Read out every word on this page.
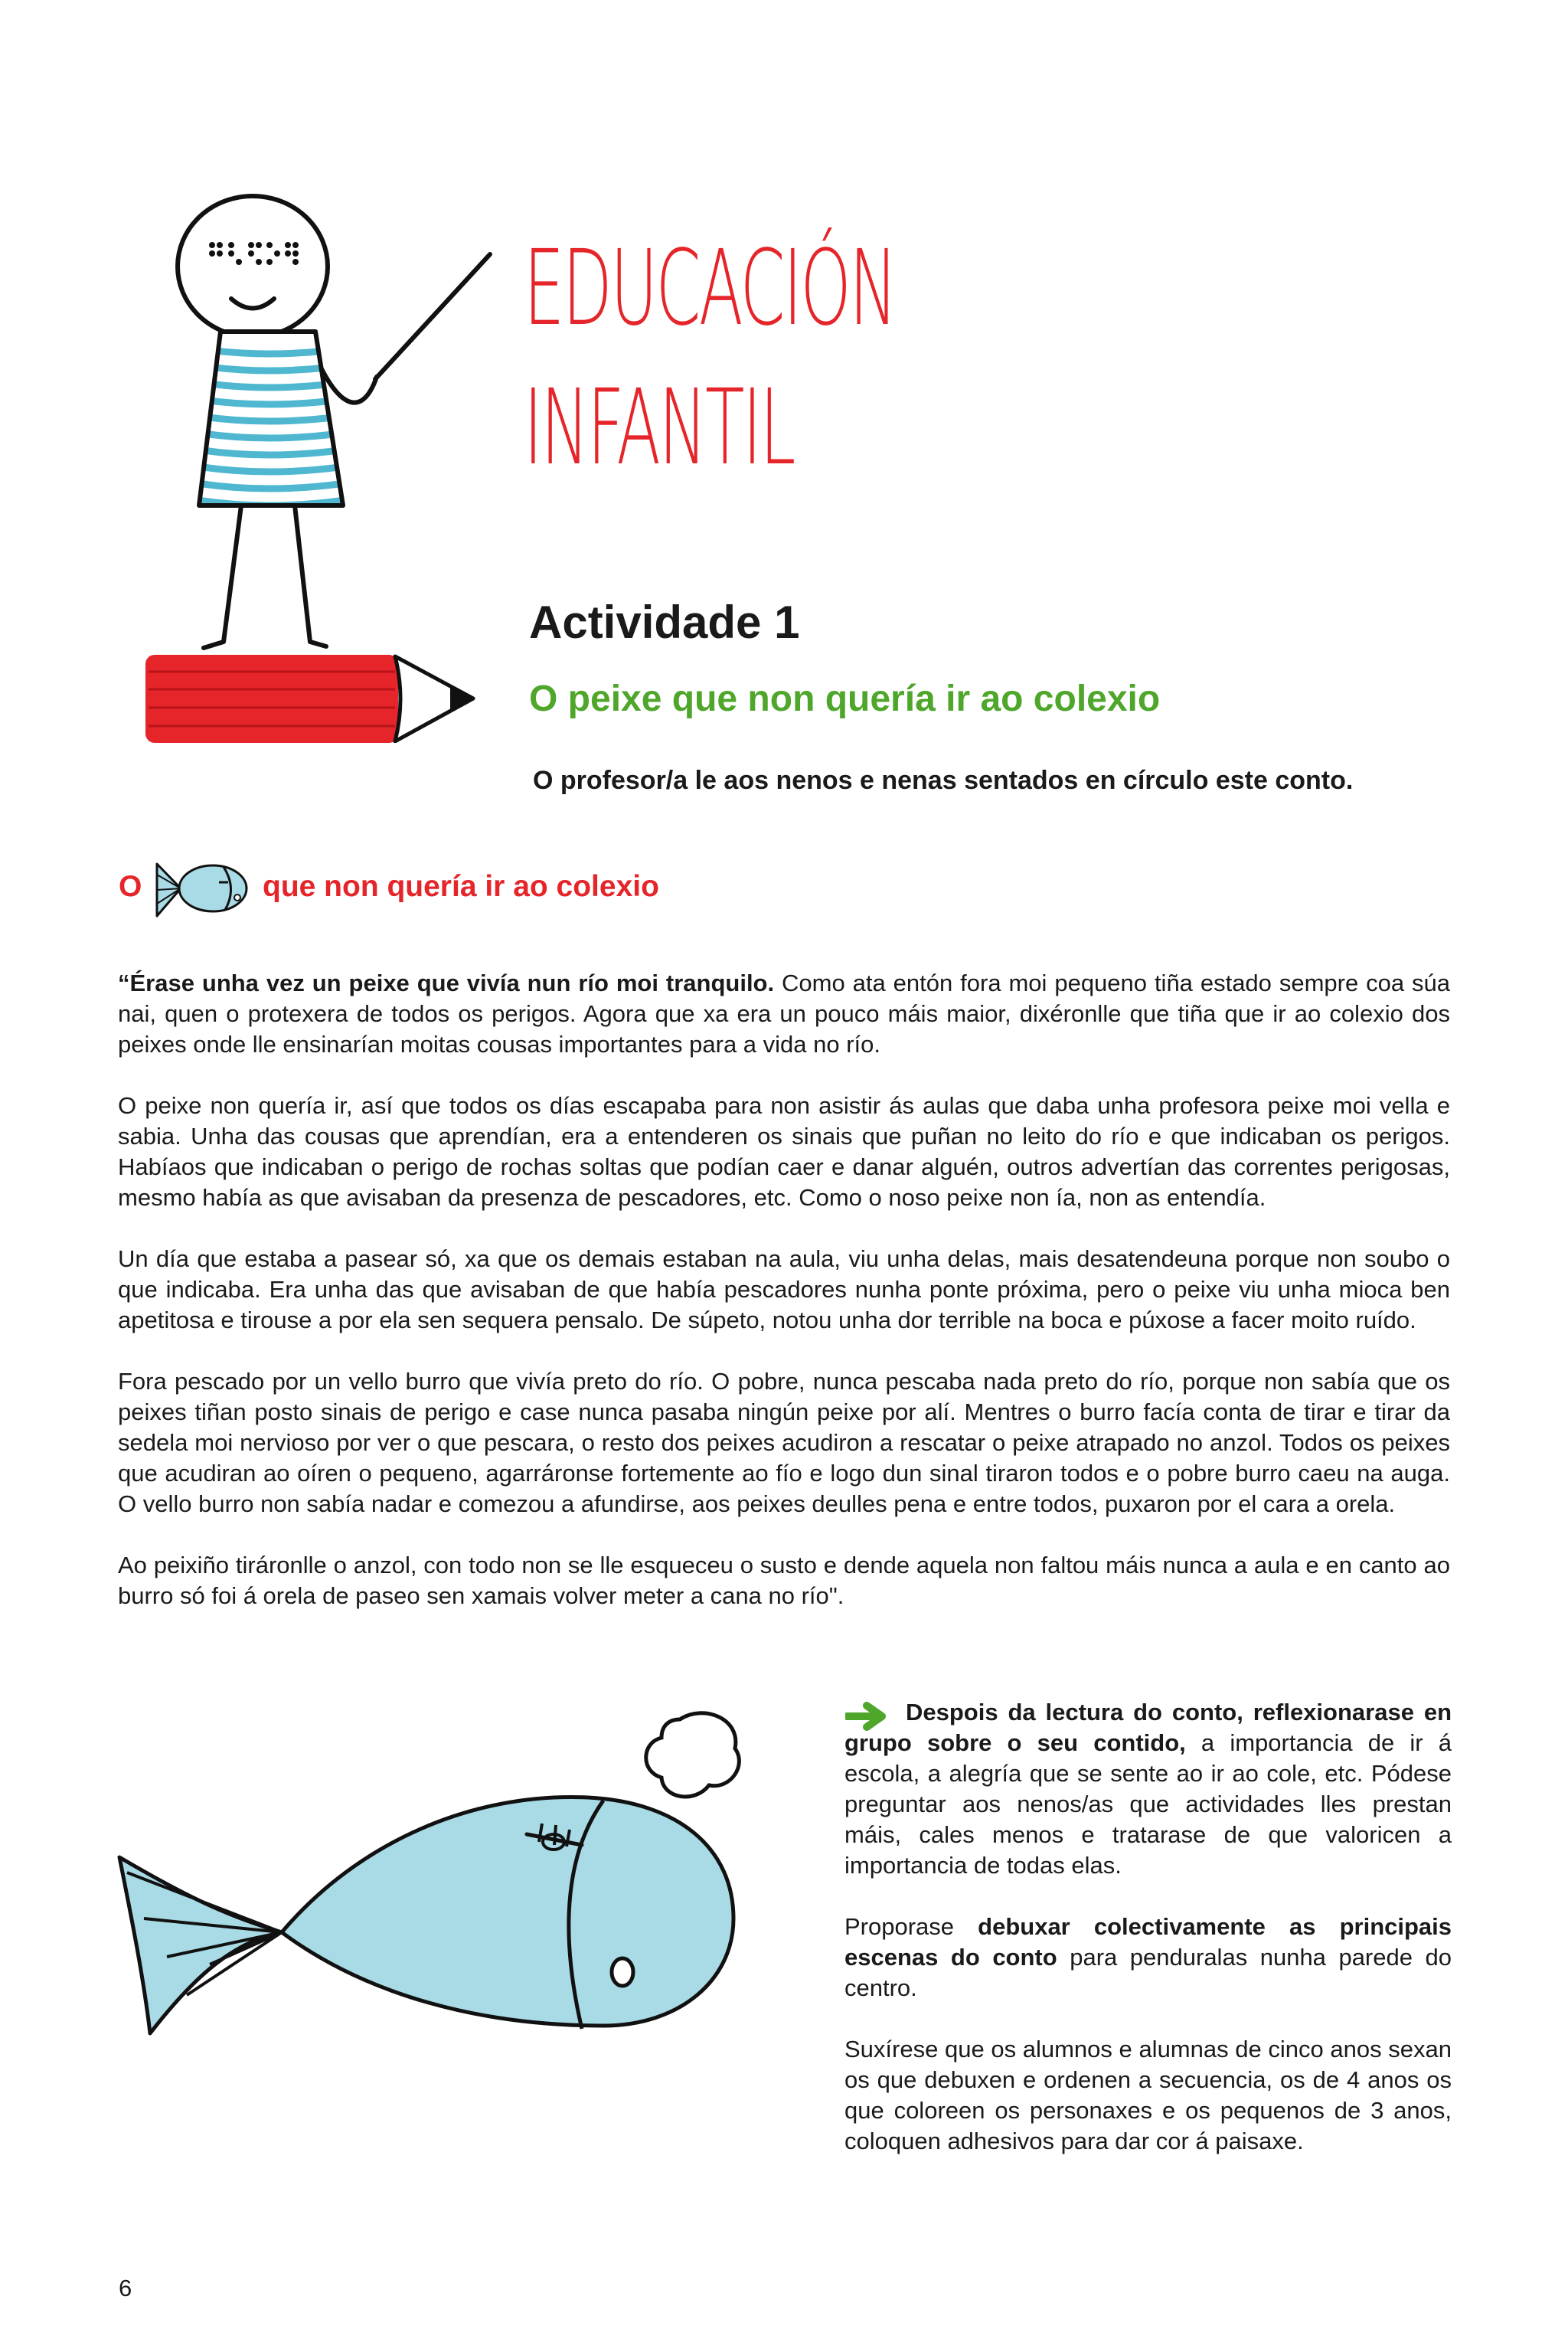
EDUCACIÓN
INFANTIL
Actividade 1
O peixe que non quería ir ao colexio
O profesor/a le aos nenos e nenas sentados en círculo este conto.
O	que non quería ir ao colexio

“Érase unha vez un peixe que vivía nun río moi tranquilo. Como ata entón fora moi pequeno tiña estado sempre coa súa nai, quen o protexera de todos os perigos. Agora que xa era un pouco máis maior, dixéronlle que tiña que ir ao colexio dos peixes onde lle ensinarían moitas cousas importantes para a vida no río.

O peixe non quería ir, así que todos os días escapaba para non asistir ás aulas que daba unha profesora peixe moi vella e sabia. Unha das cousas que aprendían, era a entenderen os sinais que puñan no leito do río e que indicaban os perigos. Habíaos que indicaban o perigo de rochas soltas que podían caer e danar alguén, outros advertían das correntes perigosas, mesmo había as que avisaban da presenza de pescadores, etc. Como o noso peixe non ía, non as entendía.

Un día que estaba a pasear só, xa que os demais estaban na aula, viu unha delas, mais desatendeuna porque non soubo o que indicaba. Era unha das que avisaban de que había pescadores nunha ponte próxima, pero o peixe viu unha mioca ben apetitosa e tirouse a por ela sen sequera pensalo. De súpeto, notou unha dor terrible na boca e púxose a facer moito ruído.

Fora pescado por un vello burro que vivía preto do río. O pobre, nunca pescaba nada preto do río, porque non sabía que os peixes tiñan posto sinais de perigo e case nunca pasaba ningún peixe por alí. Mentres o burro facía conta de tirar e tirar da sedela moi nervioso por ver o que pescara, o resto dos peixes acudiron a rescatar o peixe atrapado no anzol. Todos os peixes que acudiran ao oíren o pequeno, agarráronse fortemente ao fío e logo dun sinal tiraron todos e o pobre burro caeu na auga. O vello burro non sabía nadar e comezou a afundirse, aos peixes deulles pena e entre todos, puxaron por el cara a orela.

Ao peixiño tiráronlle o anzol, con todo non se lle esqueceu o susto e dende aquela non faltou máis nunca a aula e en canto ao burro só foi á orela de paseo sen xamais volver meter a cana no río".

Despois da lectura do conto, reflexionarase en grupo sobre o seu contido, a importancia de ir á escola, a alegría que se sente ao ir ao cole, etc. Pódese preguntar aos nenos/as que actividades lles prestan máis, cales menos e tratarase de que valoricen a importancia de todas elas.

Proporase debuxar colectivamente as principais escenas do conto para penduralas nunha parede do centro.

Suxírese que os alumnos e alumnas de cinco anos sexan os que debuxen e ordenen a secuencia, os de 4 anos os que coloreen os personaxes e os pequenos de 3 anos, coloquen adhesivos para dar cor á paisaxe.

6
